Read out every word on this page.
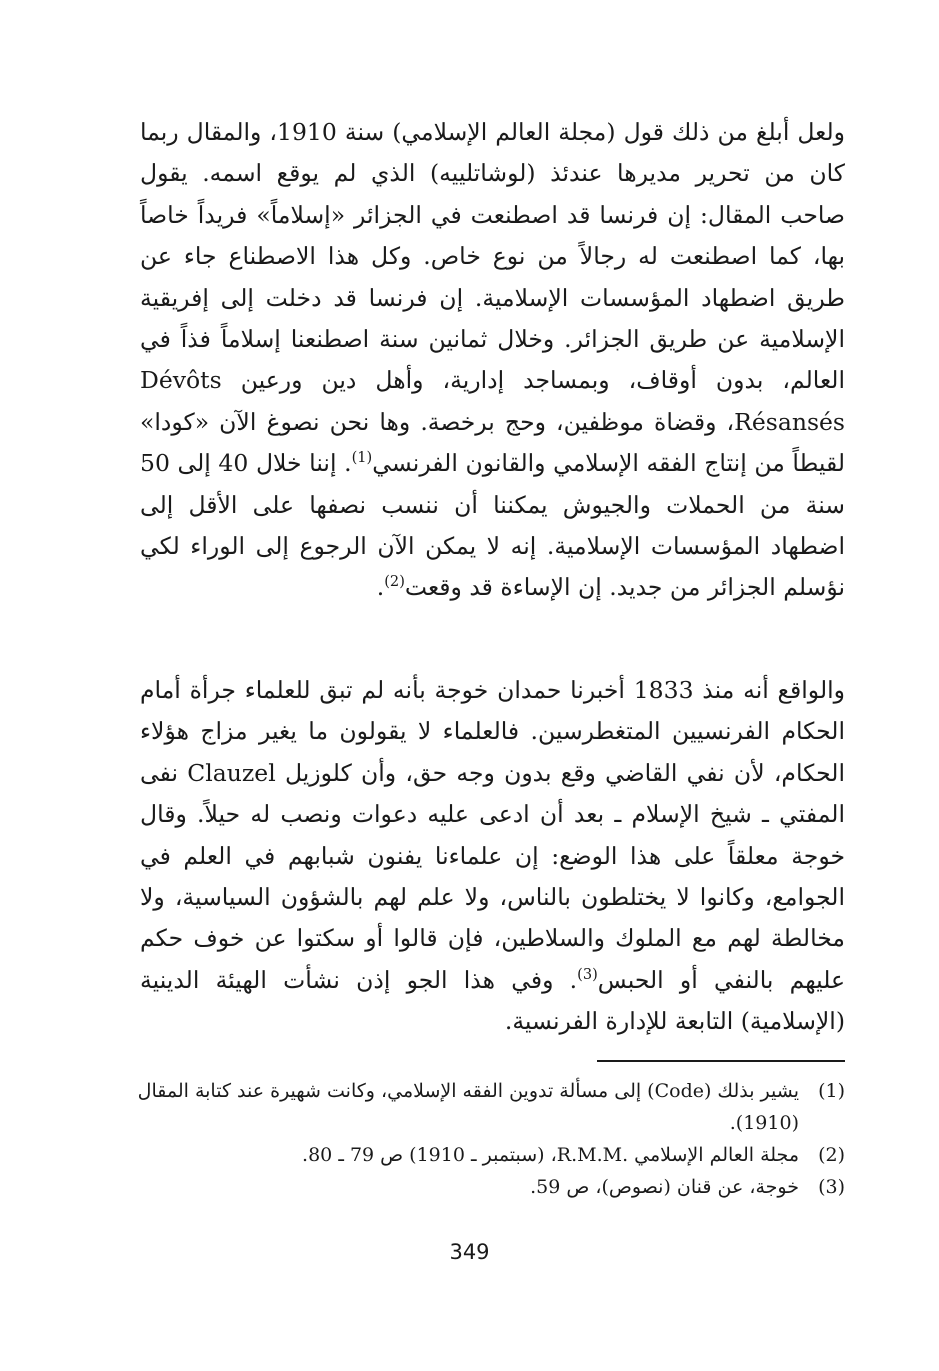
ولعل أبلغ من ذلك قول (مجلة العالم الإسلامي) سنة 1910، والمقال ربما كان من تحرير مديرها عندئذ (لوشاتلييه) الذي لم يوقع اسمه. يقول صاحب المقال: إن فرنسا قد اصطنعت في الجزائر «إسلاماً» فريداً خاصاً بها، كما اصطنعت له رجالاً من نوع خاص. وكل هذا الاصطناع جاء عن طريق اضطهاد المؤسسات الإسلامية. إن فرنسا قد دخلت إلى إفريقية الإسلامية عن طريق الجزائر. وخلال ثمانين سنة اصطنعنا إسلاماً فذاً في العالم، بدون أوقاف، وبمساجد إدارية، وأهل دين ورعين Dévôts Résansés، وقضاة موظفين، وحج برخصة. وها نحن نصوغ الآن «كودا» لقيطاً من إنتاج الفقه الإسلامي والقانون الفرنسي$^{(1)}$. إننا خلال 40 إلى 50 سنة من الحملات والجيوش يمكننا أن ننسب نصفها على الأقل إلى اضطهاد المؤسسات الإسلامية. إنه لا يمكن الآن الرجوع إلى الوراء لكي نؤسلم الجزائر من جديد. إن الإساءة قد وقعت$^{(2)}$.

والواقع أنه منذ 1833 أخبرنا حمدان خوجة بأنه لم تبق للعلماء جرأة أمام الحكام الفرنسيين المتغطرسين. فالعلماء لا يقولون ما يغير مزاج هؤلاء الحكام، لأن نفي القاضي وقع بدون وجه حق، وأن كلوزيل Clauzel نفى المفتي ـ شيخ الإسلام ـ بعد أن ادعى عليه دعوات ونصب له حيلاً. وقال خوجة معلقاً على هذا الوضع: إن علماءنا يفنون شبابهم في العلم في الجوامع، وكانوا لا يختلطون بالناس، ولا علم لهم بالشؤون السياسية، ولا مخالطة لهم مع الملوك والسلاطين، فإن قالوا أو سكتوا عن خوف حكم عليهم بالنفي أو الحبس$^{(3)}$. وفي هذا الجو إذن نشأت الهيئة الدينية (الإسلامية) التابعة للإدارة الفرنسية.

(1)
يشير بذلك (Code) إلى مسألة تدوين الفقه الإسلامي، وكانت شهيرة عند كتابة المقال (1910).
(2)
مجلة العالم الإسلامي .R.M.M، (سبتمبر ـ 1910) ص 79 ـ 80.
(3)
خوجة، عن قنان (نصوص)، ص 59.
349
